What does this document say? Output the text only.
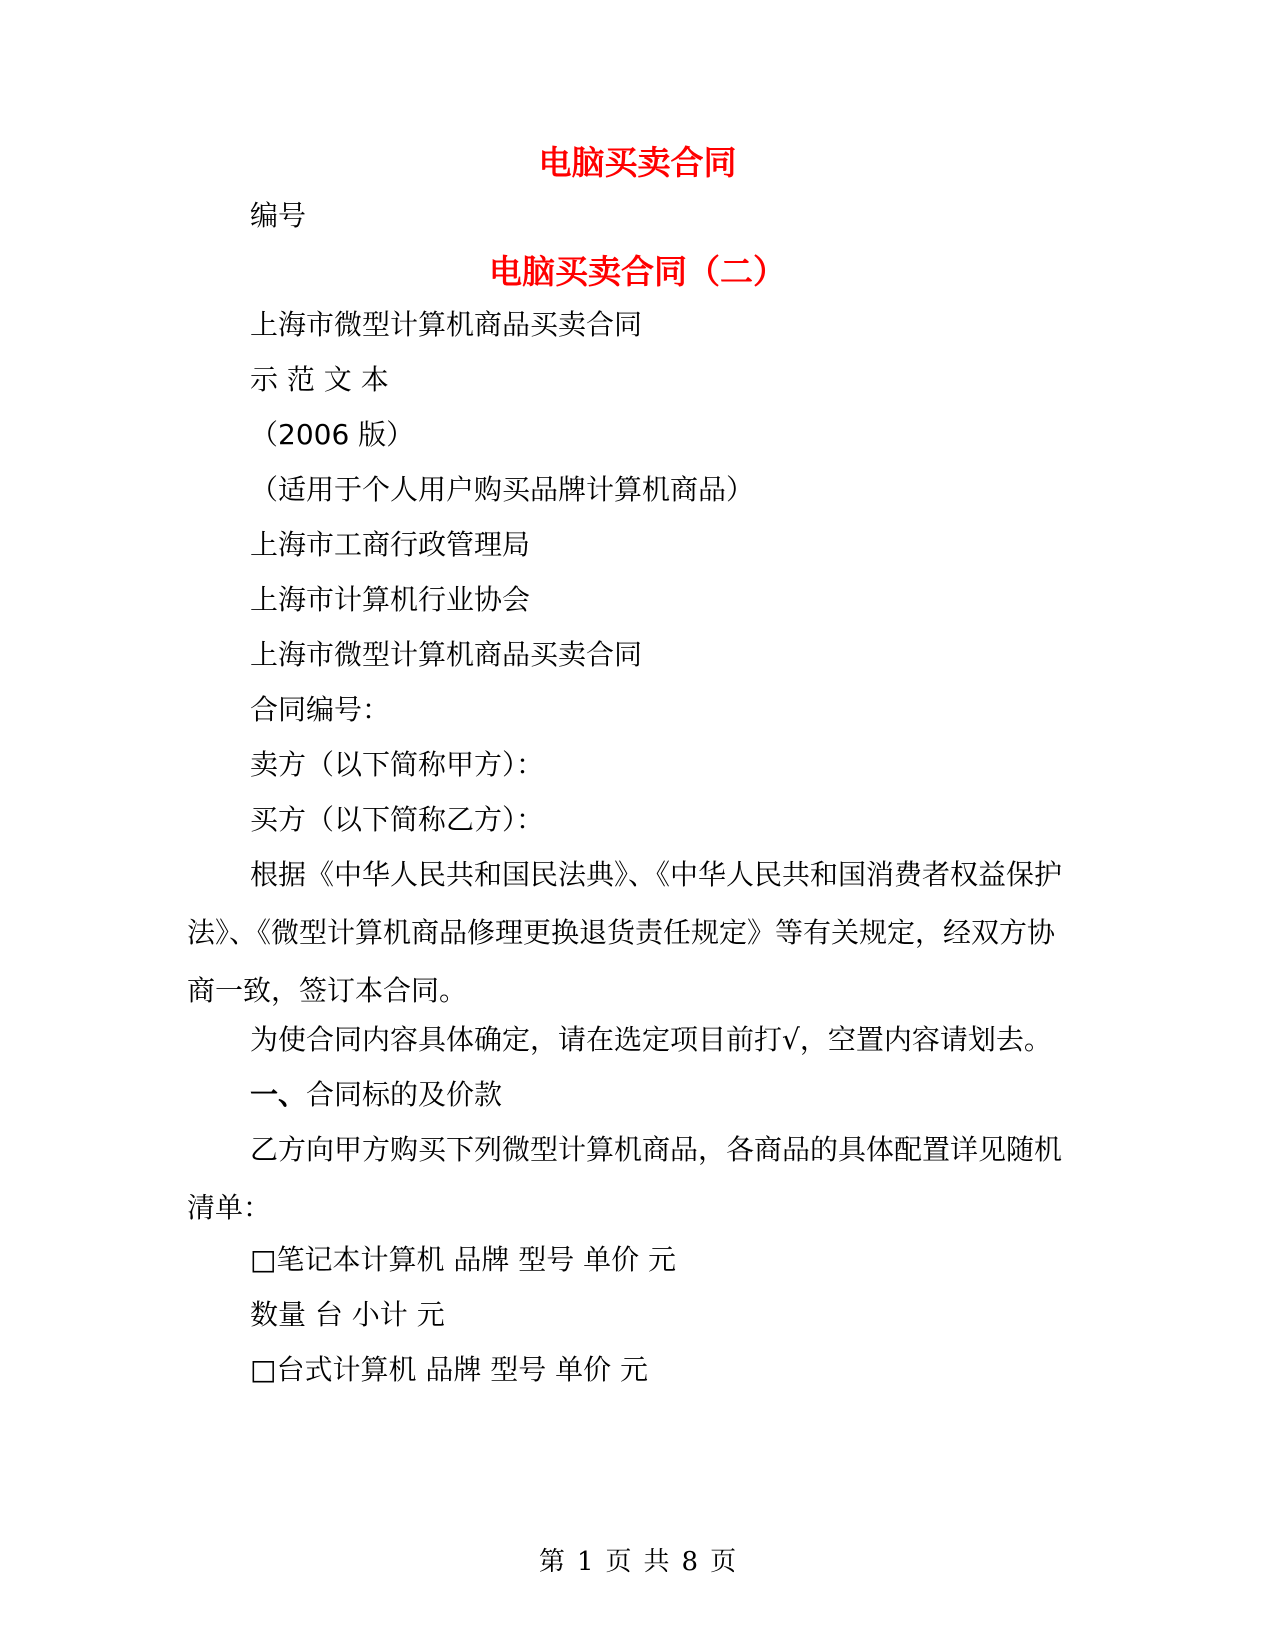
电脑买卖合同
编号
电脑买卖合同（二）
上海市微型计算机商品买卖合同
示 范 文 本
（2006 版）
（适用于个人用户购买品牌计算机商品）
上海市工商行政管理局
上海市计算机行业协会
上海市微型计算机商品买卖合同
合同编号：
卖方（以下简称甲方）：
买方（以下简称乙方）：
根据《中华人民共和国民法典》、《中华人民共和国消费者权益保护法》、《微型计算机商品修理更换退货责任规定》等有关规定，经双方协商一致，签订本合同。
为使合同内容具体确定，请在选定项目前打√，空置内容请划去。
一、合同标的及价款
乙方向甲方购买下列微型计算机商品，各商品的具体配置详见随机清单：
□笔记本计算机 品牌 型号 单价 元
数量 台 小计 元
□台式计算机 品牌 型号 单价 元
第 1 页 共 8 页
